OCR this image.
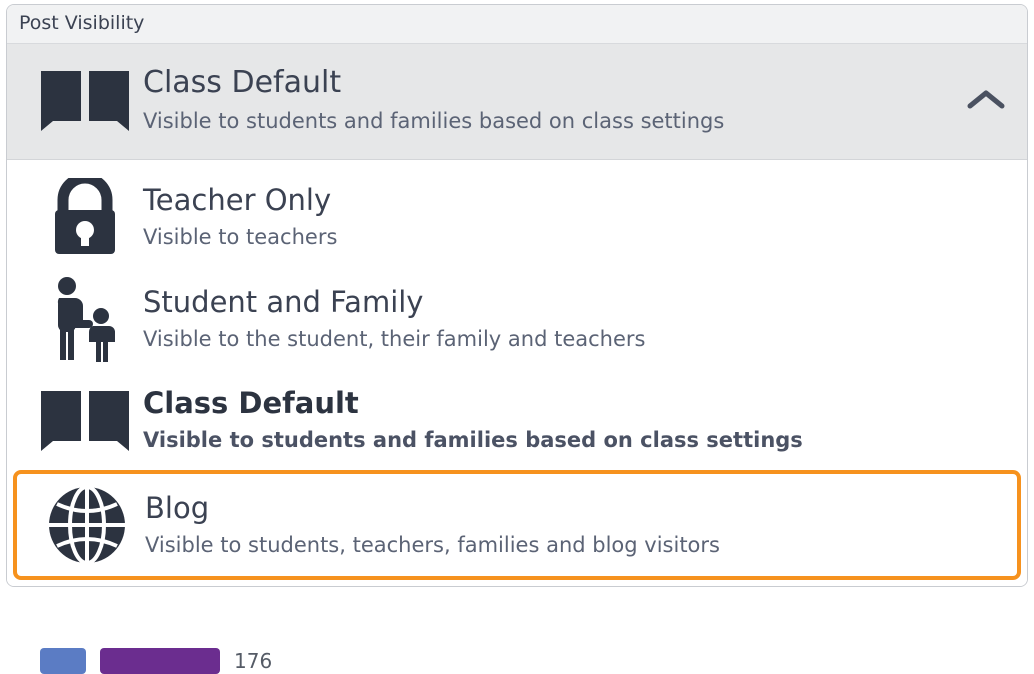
176
Post Visibility
Class Default
Visible to students and families based on class settings
Teacher Only
Visible to teachers
Student and Family
Visible to the student, their family and teachers
Class Default
Visible to students and families based on class settings
Blog
Visible to students, teachers, families and blog visitors
